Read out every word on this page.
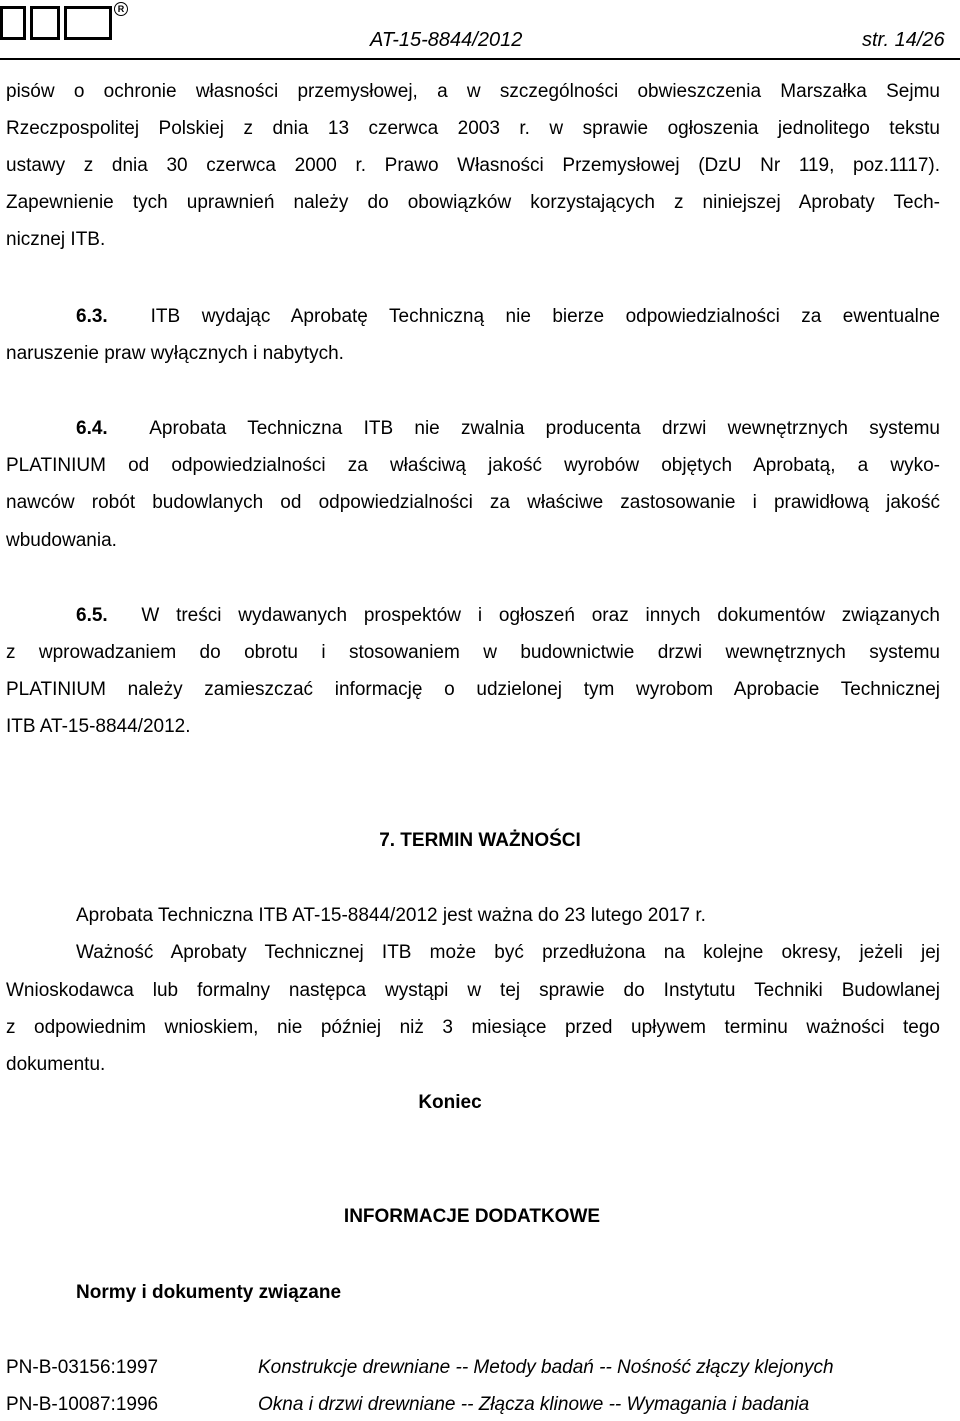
R
AT-15-8844/2012	str. 14/26
pisów o ochronie własności przemysłowej, a w szczególności obwieszczenia Marszałka Sejmu
Rzeczpospolitej Polskiej z dnia 13 czerwca 2003 r. w sprawie ogłoszenia jednolitego tekstu
ustawy z dnia 30 czerwca 2000 r. Prawo Własności Przemysłowej (DzU Nr 119, poz.1117).
Zapewnienie tych uprawnień należy do obowiązków korzystających z niniejszej Aprobaty Tech-
nicznej ITB.
6.3. ITB wydając Aprobatę Techniczną nie bierze odpowiedzialności za ewentualne
naruszenie praw wyłącznych i nabytych.
6.4. Aprobata Techniczna ITB nie zwalnia producenta drzwi wewnętrznych systemu
PLATINIUM od odpowiedzialności za właściwą jakość wyrobów objętych Aprobatą, a wyko-
nawców robót budowlanych od odpowiedzialności za właściwe zastosowanie i prawidłową jakość
wbudowania.
6.5. W treści wydawanych prospektów i ogłoszeń oraz innych dokumentów związanych
z wprowadzaniem do obrotu i stosowaniem w budownictwie drzwi wewnętrznych systemu
PLATINIUM należy zamieszczać informację o udzielonej tym wyrobom Aprobacie Technicznej
ITB AT-15-8844/2012.
7. TERMIN WAŻNOŚCI
Aprobata Techniczna ITB AT-15-8844/2012 jest ważna do 23 lutego 2017 r.
Ważność Aprobaty Technicznej ITB może być przedłużona na kolejne okresy, jeżeli jej
Wnioskodawca lub formalny następca wystąpi w tej sprawie do Instytutu Techniki Budowlanej
z odpowiednim wnioskiem, nie później niż 3 miesiące przed upływem terminu ważności tego
dokumentu.
Koniec
INFORMACJE DODATKOWE
Normy i dokumenty związane
PN-B-03156:1997	Konstrukcje drewniane -- Metody badań -- Nośność złączy klejonych
PN-B-10087:1996	Okna i drzwi drewniane -- Złącza klinowe -- Wymagania i badania
